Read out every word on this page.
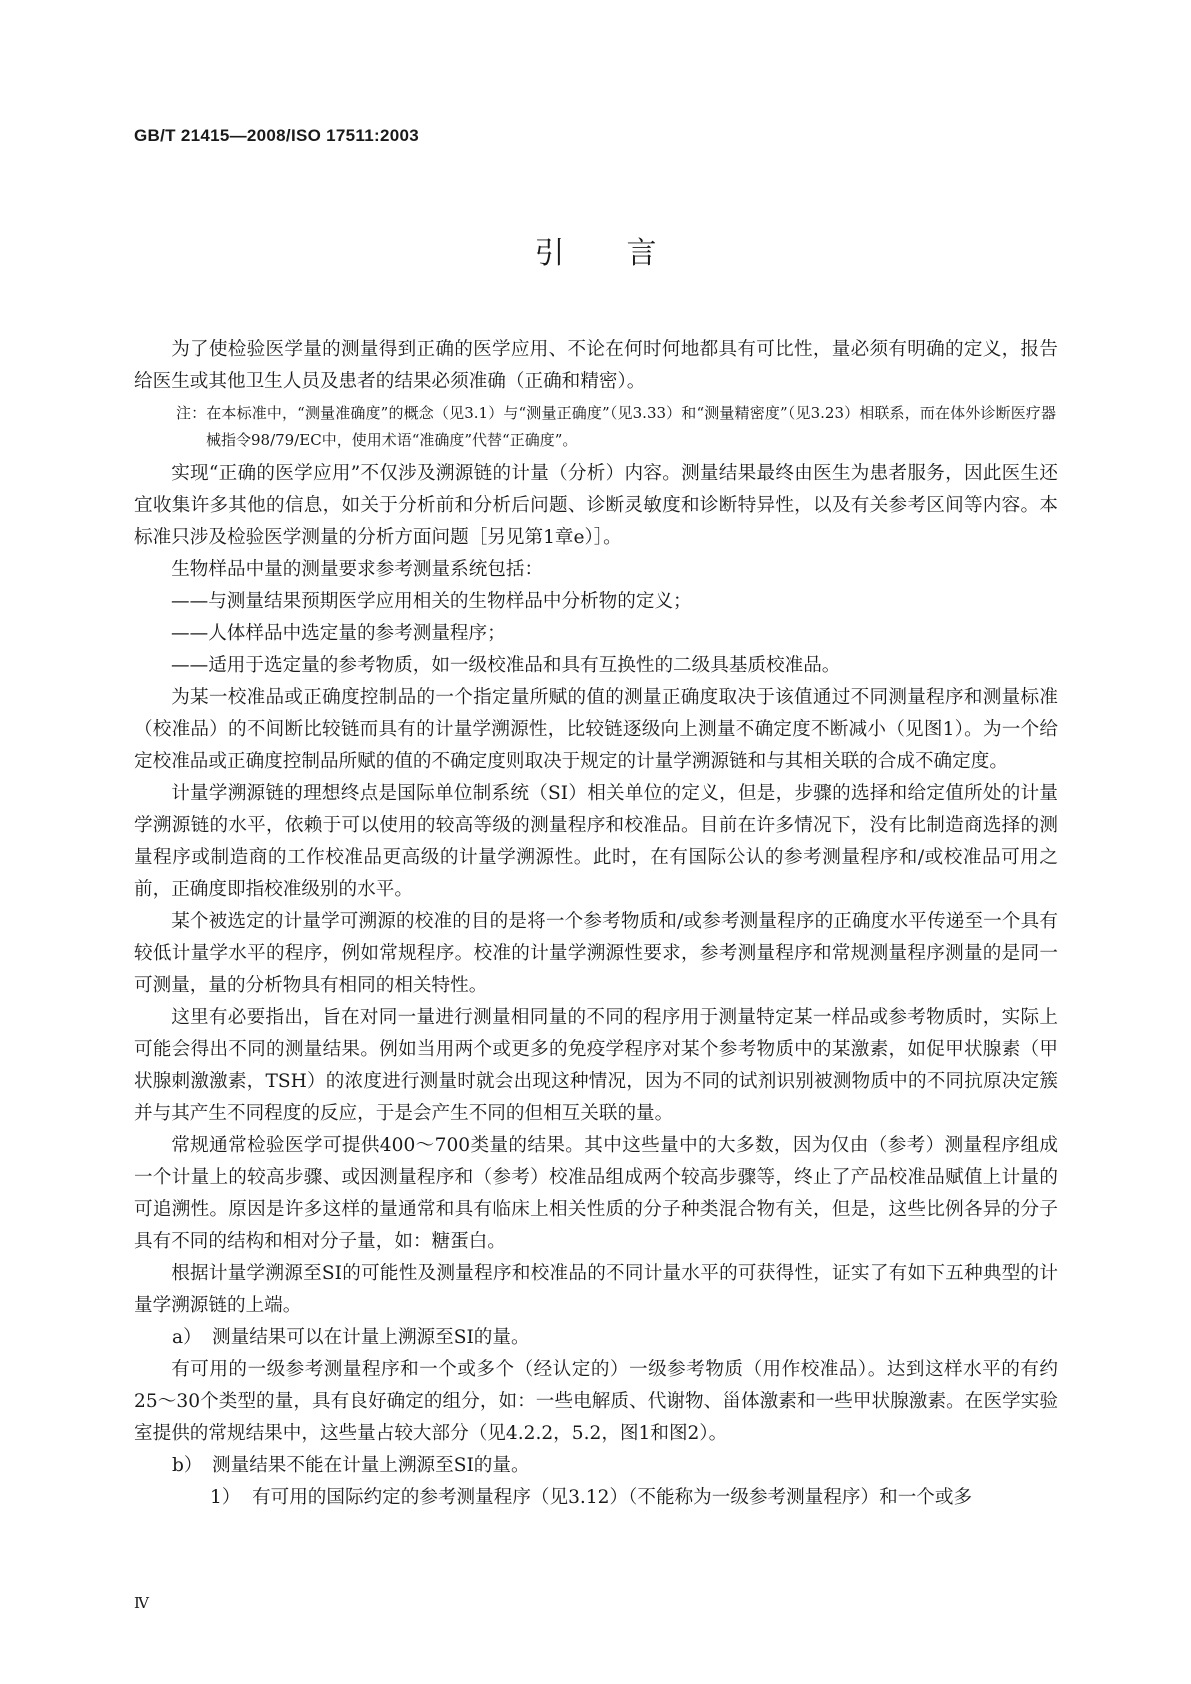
GB/T 21415—2008/ISO 17511:2003
引言

为了使检验医学量的测量得到正确的医学应用、不论在何时何地都具有可比性，量必须有明确的定义，报告给医生或其他卫生人员及患者的结果必须准确（正确和精密）。

注：在本标准中，“测量准确度”的概念（见3.1）与“测量正确度”（见3.33）和“测量精密度”（见3.23）相联系，而在体外诊断医疗器械指令98/79/EC中，使用术语“准确度”代替“正确度”。

实现“正确的医学应用”不仅涉及溯源链的计量（分析）内容。测量结果最终由医生为患者服务，因此医生还宜收集许多其他的信息，如关于分析前和分析后问题、诊断灵敏度和诊断特异性，以及有关参考区间等内容。本标准只涉及检验医学测量的分析方面问题［另见第1章e）］。

生物样品中量的测量要求参考测量系统包括：

——与测量结果预期医学应用相关的生物样品中分析物的定义；

——人体样品中选定量的参考测量程序；

——适用于选定量的参考物质，如一级校准品和具有互换性的二级具基质校准品。

为某一校准品或正确度控制品的一个指定量所赋的值的测量正确度取决于该值通过不同测量程序和测量标准（校准品）的不间断比较链而具有的计量学溯源性，比较链逐级向上测量不确定度不断减小（见图1）。为一个给定校准品或正确度控制品所赋的值的不确定度则取决于规定的计量学溯源链和与其相关联的合成不确定度。

计量学溯源链的理想终点是国际单位制系统（SI）相关单位的定义，但是，步骤的选择和给定值所处的计量学溯源链的水平，依赖于可以使用的较高等级的测量程序和校准品。目前在许多情况下，没有比制造商选择的测量程序或制造商的工作校准品更高级的计量学溯源性。此时，在有国际公认的参考测量程序和/或校准品可用之前，正确度即指校准级别的水平。

某个被选定的计量学可溯源的校准的目的是将一个参考物质和/或参考测量程序的正确度水平传递至一个具有较低计量学水平的程序，例如常规程序。校准的计量学溯源性要求，参考测量程序和常规测量程序测量的是同一可测量，量的分析物具有相同的相关特性。

这里有必要指出，旨在对同一量进行测量相同量的不同的程序用于测量特定某一样品或参考物质时，实际上可能会得出不同的测量结果。例如当用两个或更多的免疫学程序对某个参考物质中的某激素，如促甲状腺素（甲状腺刺激激素，TSH）的浓度进行测量时就会出现这种情况，因为不同的试剂识别被测物质中的不同抗原决定簇并与其产生不同程度的反应，于是会产生不同的但相互关联的量。

常规通常检验医学可提供400～700类量的结果。其中这些量中的大多数，因为仅由（参考）测量程序组成一个计量上的较高步骤、或因测量程序和（参考）校准品组成两个较高步骤等，终止了产品校准品赋值上计量的可追溯性。原因是许多这样的量通常和具有临床上相关性质的分子种类混合物有关，但是，这些比例各异的分子具有不同的结构和相对分子量，如：糖蛋白。

根据计量学溯源至SI的可能性及测量程序和校准品的不同计量水平的可获得性，证实了有如下五种典型的计量学溯源链的上端。

a） 测量结果可以在计量上溯源至SI的量。

有可用的一级参考测量程序和一个或多个（经认定的）一级参考物质（用作校准品）。达到这样水平的有约25～30个类型的量，具有良好确定的组分，如：一些电解质、代谢物、甾体激素和一些甲状腺激素。在医学实验室提供的常规结果中，这些量占较大部分（见4.2.2，5.2，图1和图2）。

b） 测量结果不能在计量上溯源至SI的量。

1） 有可用的国际约定的参考测量程序（见3.12）（不能称为一级参考测量程序）和一个或多

Ⅳ
